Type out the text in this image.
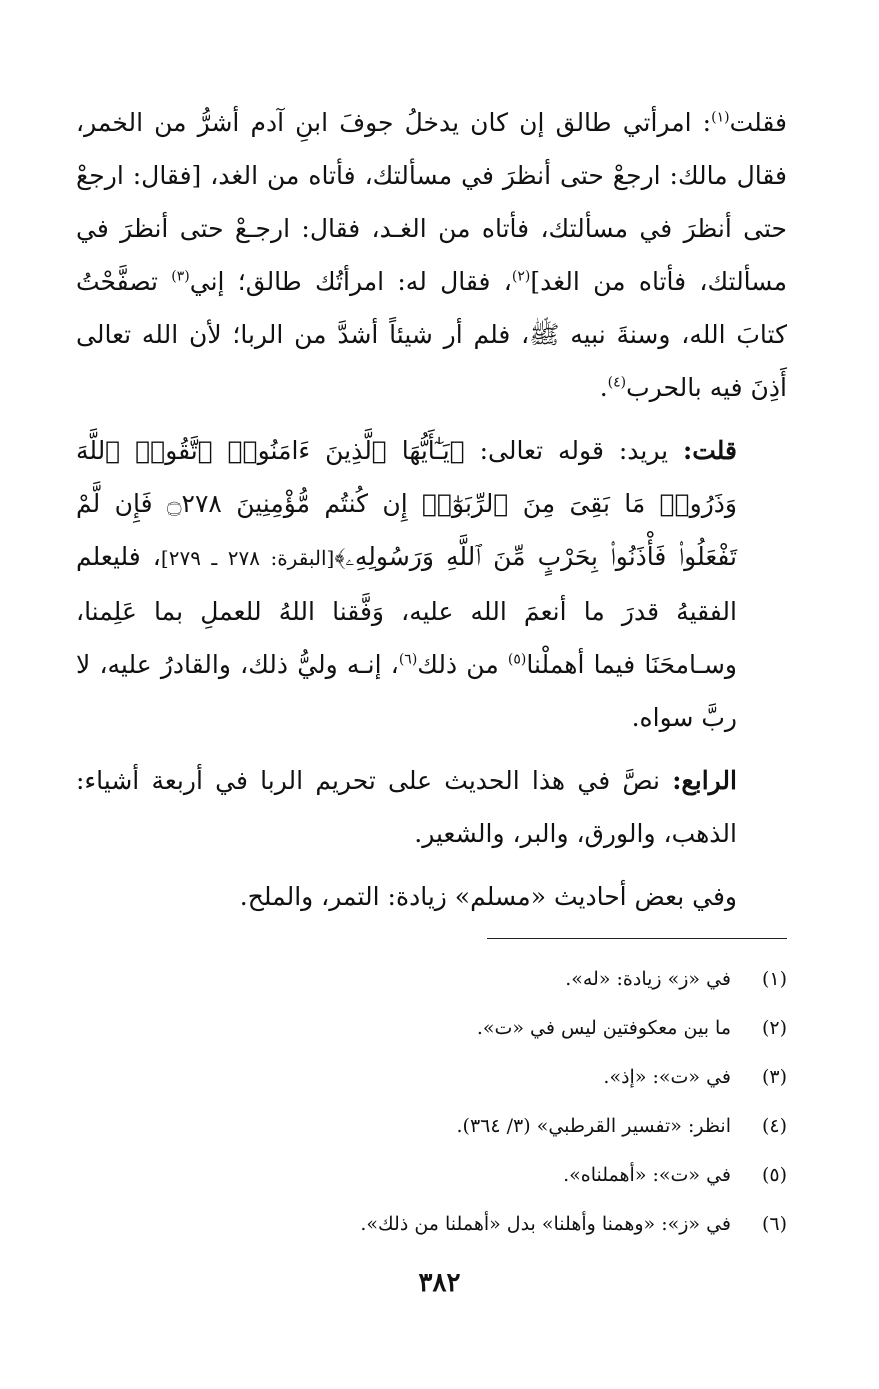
فقلت$^{(١)}$: امرأتي طالق إن كان يدخلُ جوفَ ابنِ آدم أشرُّ من الخمر، فقال مالك: ارجعْ حتى أنظرَ في مسألتك، فأتاه من الغد، [فقال: ارجعْ حتى أنظرَ في مسألتك، فأتاه من الغـد، فقال: ارجـعْ حتى أنظرَ في مسألتك، فأتاه من الغد]$^{(٢)}$، فقال له: امرأتُك طالق؛ إني$^{(٣)}$ تصفَّحْتُ كتابَ الله، وسنةَ نبيه ﷺ، فلم أر شيئاً أشدَّ من الربا؛ لأن الله تعالى أَذِنَ فيه بالحرب$^{(٤)}$.

قلت: يريد: قوله تعالى: ﴿يَـٰٓأَيُّهَا ٱلَّذِينَ ءَامَنُوا۟ ٱتَّقُوا۟ ٱللَّهَ وَذَرُوا۟ مَا بَقِىَ مِنَ ٱلرِّبَوٰٓا۟ إِن كُنتُم مُّؤْمِنِينَ ۝٢٧٨ فَإِن لَّمْ تَفْعَلُوا۟ فَأْذَنُوا۟ بِحَرْبٍ مِّنَ ٱللَّهِ وَرَسُولِهِۦ﴾[البقرة: ٢٧٨ ـ ٢٧٩]، فليعلم الفقيهُ قدرَ ما أنعمَ الله عليه، وَفَّقنا اللهُ للعملِ بما عَلِمنا، وسـامحَنَا فيما أهملْنا$^{(٥)}$ من ذلك$^{(٦)}$، إنـه وليُّ ذلك، والقادرُ عليه، لا ربَّ سواه.

الرابع: نصَّ في هذا الحديث على تحريم الربا في أربعة أشياء: الذهب، والورق، والبر، والشعير.

وفي بعض أحاديث «مسلم» زيادة: التمر، والملح.

(١)في «ز» زيادة: «له».
(٢)ما بين معكوفتين ليس في «ت».
(٣)في «ت»: «إذ».
(٤)انظر: «تفسير القرطبي» (٣/ ٣٦٤).
(٥)في «ت»: «أهملناه».
(٦)في «ز»: «وهمنا وأهلنا» بدل «أهملنا من ذلك».
٣٨٢
